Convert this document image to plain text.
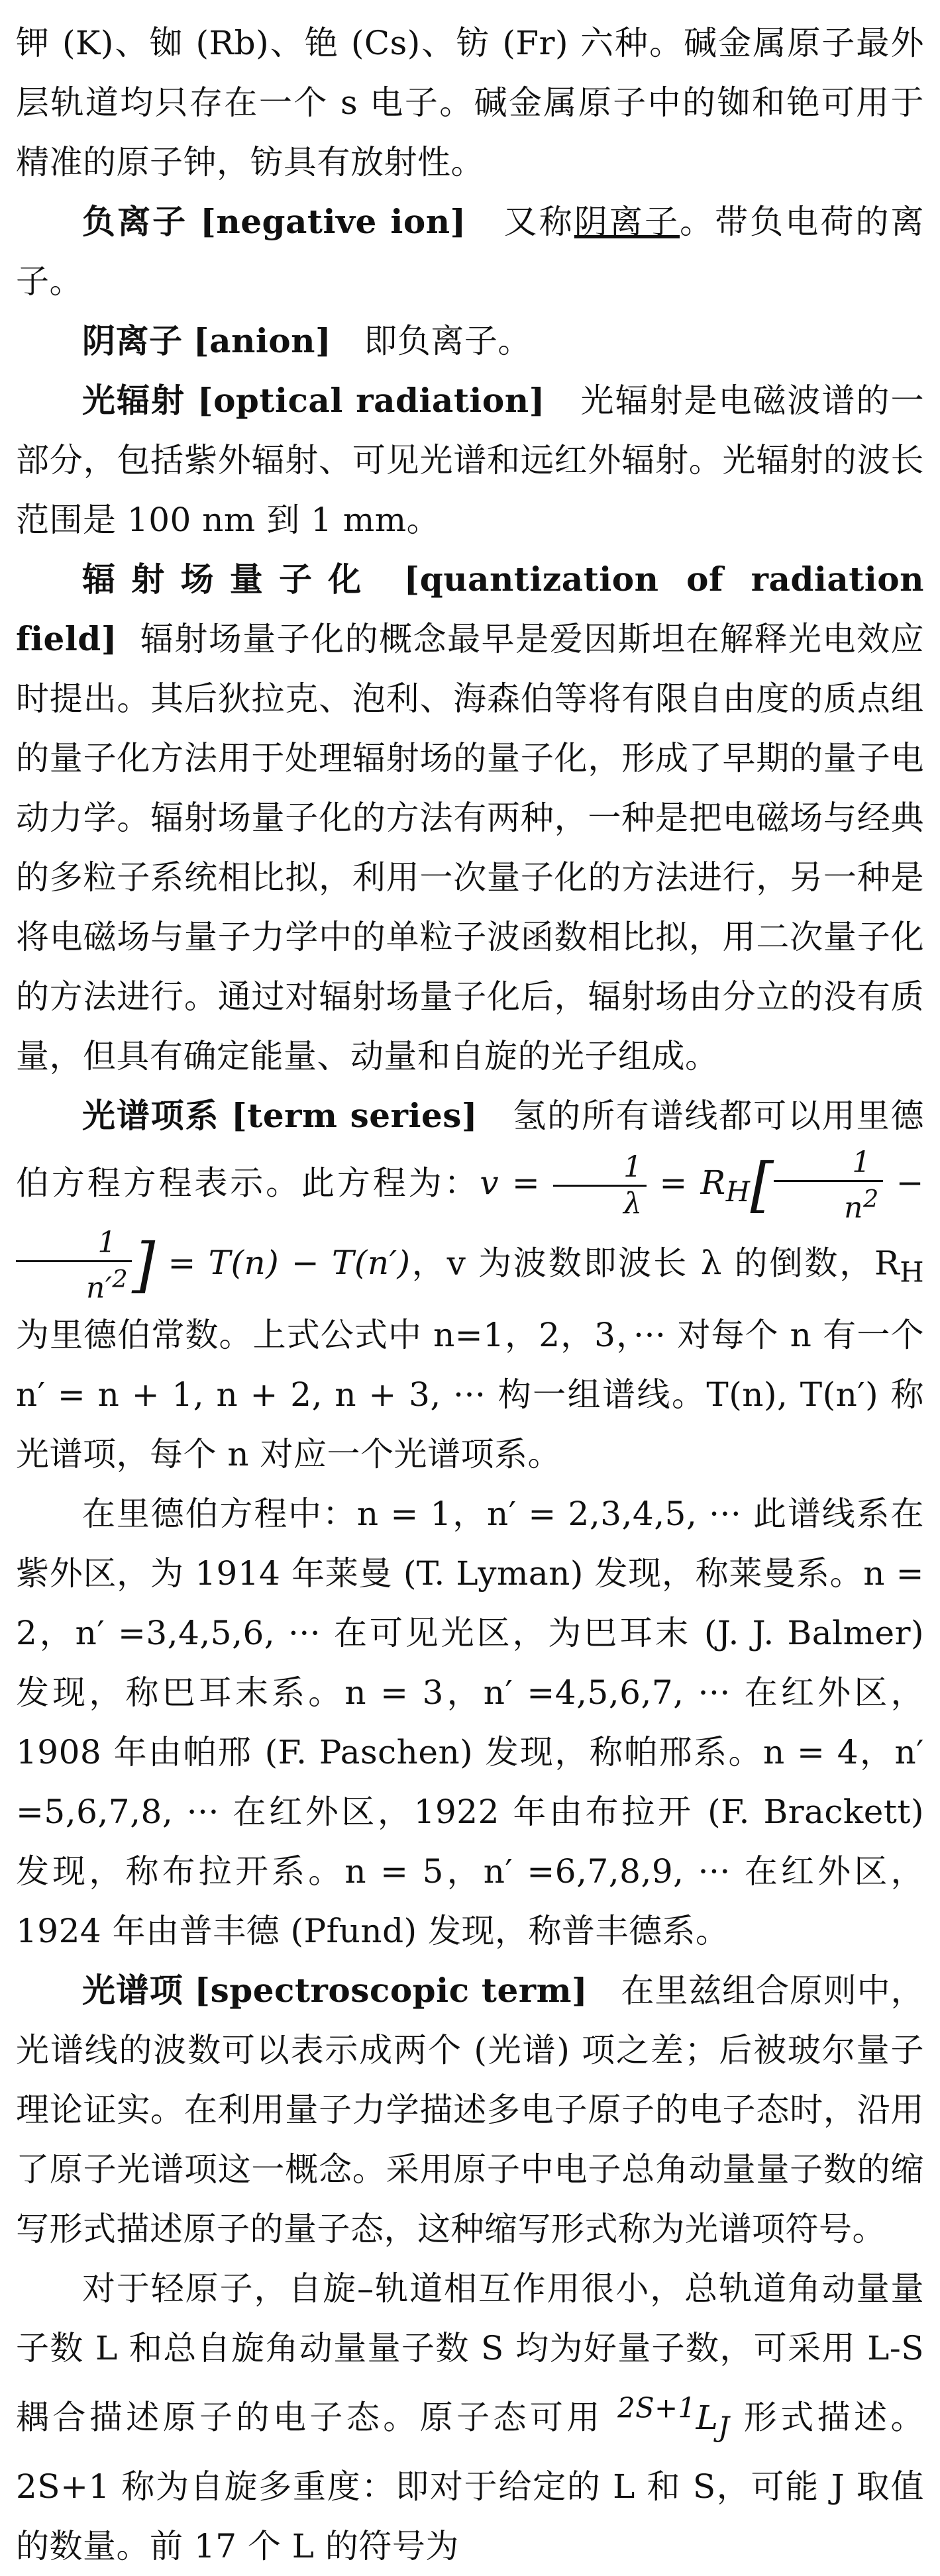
钾 (K)、铷 (Rb)、铯 (Cs)、钫 (Fr) 六种。碱金属原子最外层轨道均只存在一个 s 电子。碱金属原子中的铷和铯可用于精准的原子钟，钫具有放射性。

负离子 [negative ion] 又称阴离子。带负电荷的离子。

阴离子 [anion] 即负离子。

光辐射 [optical radiation] 光辐射是电磁波谱的一部分，包括紫外辐射、可见光谱和远红外辐射。光辐射的波长范围是 100 nm 到 1 mm。

辐射场量子化 [quantization of radiation field] 辐射场量子化的概念最早是爱因斯坦在解释光电效应时提出。其后狄拉克、泡利、海森伯等将有限自由度的质点组的量子化方法用于处理辐射场的量子化，形成了早期的量子电动力学。辐射场量子化的方法有两种，一种是把电磁场与经典的多粒子系统相比拟，利用一次量子化的方法进行，另一种是将电磁场与量子力学中的单粒子波函数相比拟，用二次量子化的方法进行。通过对辐射场量子化后，辐射场由分立的没有质量，但具有确定能量、动量和自旋的光子组成。

光谱项系 [term series] 氢的所有谱线都可以用里德伯方程方程表示。此方程为：$v = \frac{1}{\lambda} = R_H[ \frac{1}{n^2}$ −
$\frac{1}{n'^2}$ ] = T(n) − T(n′)，v 为波数即波长 λ 的倒数，$R_H$ 为里德伯常数。上式公式中 n=1，2，3，··· 对每个 n 有一个 n′ = n + 1, n + 2, n + 3, ··· 构一组谱线。T(n), T(n′) 称光谱项，每个 n 对应一个光谱项系。

在里德伯方程中：n = 1，n′ = 2,3,4,5, ··· 此谱线系在紫外区，为 1914 年莱曼 (T. Lyman) 发现，称莱曼系。n = 2，n′ =3,4,5,6, ··· 在可见光区，为巴耳末 (J. J. Balmer) 发现，称巴耳末系。n = 3，n′ =4,5,6,7, ··· 在红外区，1908 年由帕邢 (F. Paschen) 发现，称帕邢系。n = 4，n′ =5,6,7,8, ··· 在红外区，1922 年由布拉开 (F. Brackett) 发现，称布拉开系。n = 5，n′ =6,7,8,9, ··· 在红外区，1924 年由普丰德 (Pfund) 发现，称普丰德系。

光谱项 [spectroscopic term] 在里兹组合原则中，光谱线的波数可以表示成两个 (光谱) 项之差；后被玻尔量子理论证实。在利用量子力学描述多电子原子的电子态时，沿用了原子光谱项这一概念。采用原子中电子总角动量量子数的缩写形式描述原子的量子态，这种缩写形式称为光谱项符号。

对于轻原子，自旋–轨道相互作用很小，总轨道角动量量子数 L 和总自旋角动量量子数 S 均为好量子数，可采用 L-S 耦合描述原子的电子态。原子态可用 $^{2S+1}L_J$ 形式描述。2S+1 称为自旋多重度：即对于给定的 L 和 S，可能 J 取值的数量。前 17 个 L 的符号为
